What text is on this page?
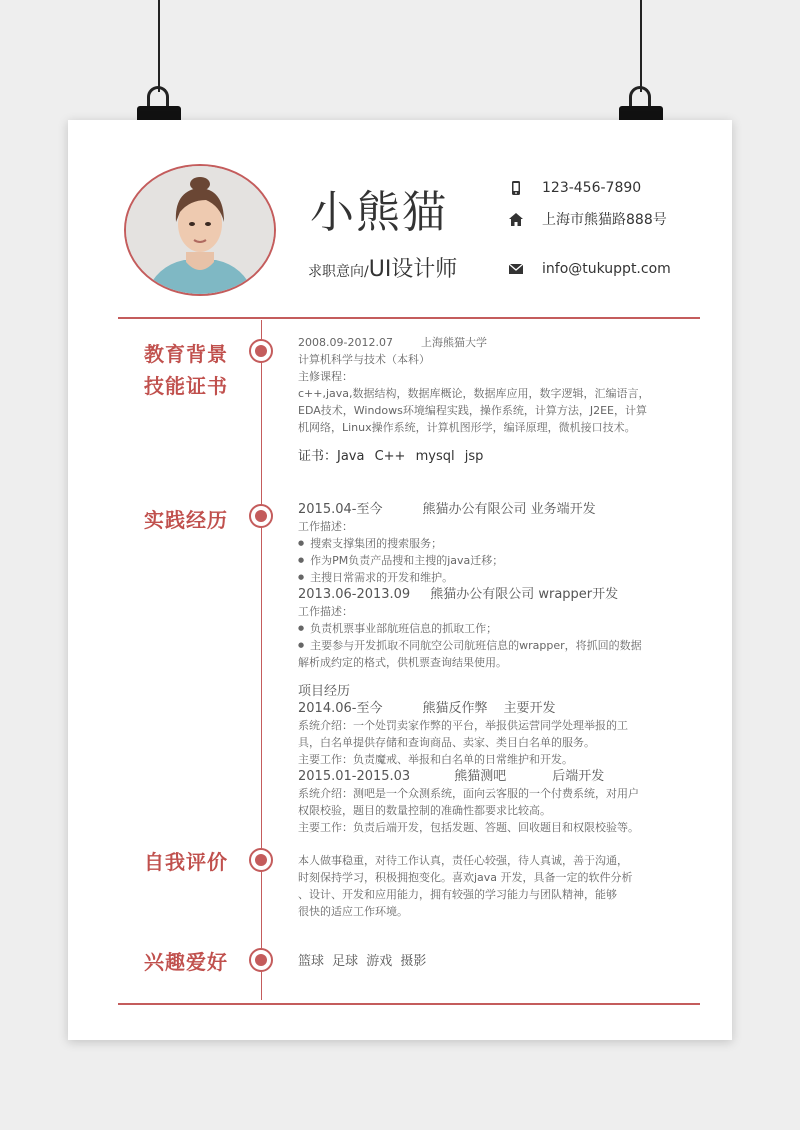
小熊猫
求职意向/UI设计师
123-456-7890
上海市熊猫路888号
info@tukuppt.com
教育背景
技能证书
实践经历
自我评价
兴趣爱好
2008.09-2012.07	上海熊猫大学
计算机科学与技术（本科）
主修课程：
c++,java,数据结构，数据库概论，数据库应用，数字逻辑，汇编语言，
EDA技术，Windows环境编程实践，操作系统，计算方法，J2EE，计算
机网络，Linux操作系统，计算机图形学，编译原理，微机接口技术。
证书：Java C++ mysql jsp
2015.04-至今	熊猫办公有限公司 业务端开发
工作描述：
● 搜索支撑集团的搜索服务；
● 作为PM负责产品搜和主搜的java迁移；
● 主搜日常需求的开发和维护。
2013.06-2013.09 熊猫办公有限公司 wrapper开发
工作描述：
● 负责机票事业部航班信息的抓取工作；
● 主要参与开发抓取不同航空公司航班信息的wrapper，将抓回的数据
解析成约定的格式，供机票查询结果使用。
项目经历
2014.06-至今	熊猫反作弊 主要开发
系统介绍：一个处罚卖家作弊的平台，举报供运营同学处理举报的工
具，白名单提供存储和查询商品、卖家、类目白名单的服务。
主要工作：负责魔戒、举报和白名单的日常维护和开发。
2015.01-2015.03	熊猫测吧	后端开发
系统介绍：测吧是一个众测系统，面向云客服的一个付费系统，对用户
权限校验，题目的数量控制的准确性都要求比较高。
主要工作：负责后端开发，包括发题、答题、回收题目和权限校验等。
本人做事稳重，对待工作认真，责任心较强，待人真诚，善于沟通，
时刻保持学习，积极拥抱变化。喜欢java 开发，具备一定的软件分析
、设计、开发和应用能力，拥有较强的学习能力与团队精神，能够
很快的适应工作环境。
篮球 足球 游戏 摄影
